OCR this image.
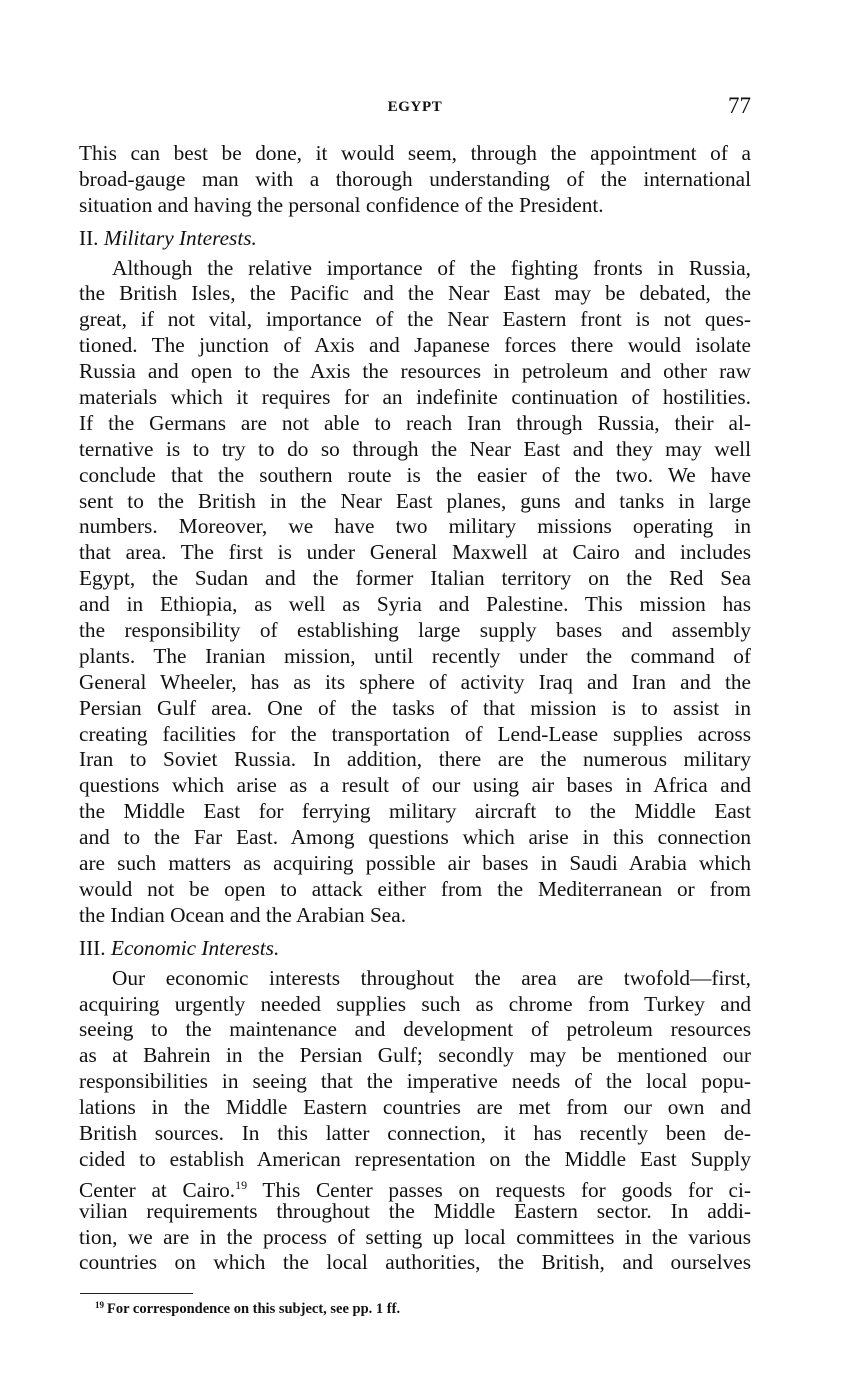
EGYPT	77
This can best be done, it would seem, through the appointment of a
broad-gauge man with a thorough understanding of the international
situation and having the personal confidence of the President.
II. Military Interests.
Although the relative importance of the fighting fronts in Russia,
the British Isles, the Pacific and the Near East may be debated, the
great, if not vital, importance of the Near Eastern front is not ques-
tioned. The junction of Axis and Japanese forces there would isolate
Russia and open to the Axis the resources in petroleum and other raw
materials which it requires for an indefinite continuation of hostilities.
If the Germans are not able to reach Iran through Russia, their al-
ternative is to try to do so through the Near East and they may well
conclude that the southern route is the easier of the two. We have
sent to the British in the Near East planes, guns and tanks in large
numbers. Moreover, we have two military missions operating in
that area. The first is under General Maxwell at Cairo and includes
Egypt, the Sudan and the former Italian territory on the Red Sea
and in Ethiopia, as well as Syria and Palestine. This mission has
the responsibility of establishing large supply bases and assembly
plants. The Iranian mission, until recently under the command of
General Wheeler, has as its sphere of activity Iraq and Iran and the
Persian Gulf area. One of the tasks of that mission is to assist in
creating facilities for the transportation of Lend-Lease supplies across
Iran to Soviet Russia. In addition, there are the numerous military
questions which arise as a result of our using air bases in Africa and
the Middle East for ferrying military aircraft to the Middle East
and to the Far East. Among questions which arise in this connection
are such matters as acquiring possible air bases in Saudi Arabia which
would not be open to attack either from the Mediterranean or from
the Indian Ocean and the Arabian Sea.
III. Economic Interests.
Our economic interests throughout the area are twofold—first,
acquiring urgently needed supplies such as chrome from Turkey and
seeing to the maintenance and development of petroleum resources
as at Bahrein in the Persian Gulf; secondly may be mentioned our
responsibilities in seeing that the imperative needs of the local popu-
lations in the Middle Eastern countries are met from our own and
British sources. In this latter connection, it has recently been de-
cided to establish American representation on the Middle East Supply
Center at Cairo.$^{19}$ This Center passes on requests for goods for ci-
vilian requirements throughout the Middle Eastern sector. In addi-
tion, we are in the process of setting up local committees in the various
countries on which the local authorities, the British, and ourselves
$^{19}$ For correspondence on this subject, see pp. 1 ff.
